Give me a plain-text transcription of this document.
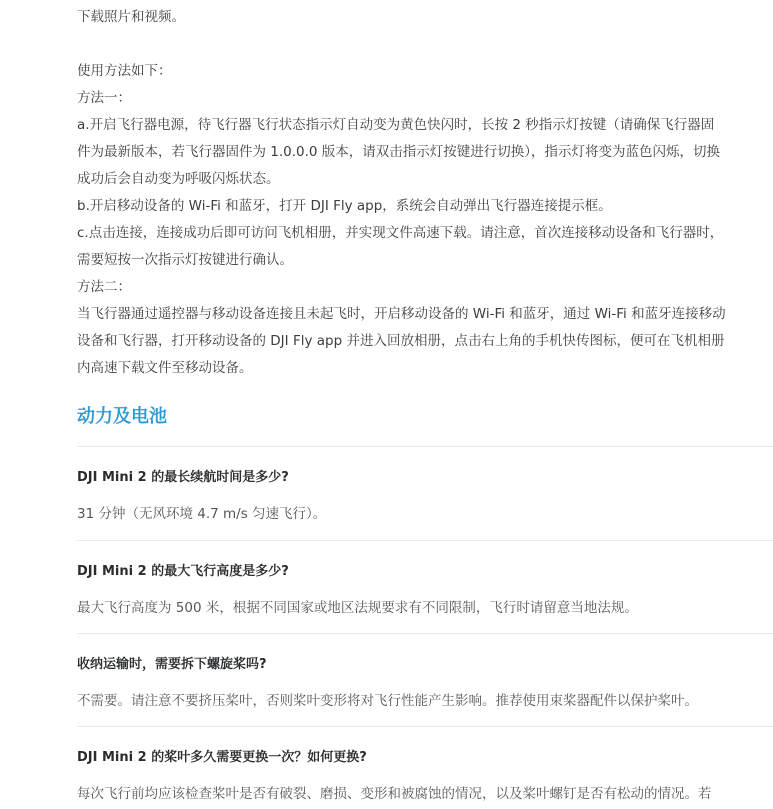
下载照片和视频。

使用方法如下：

方法一：

a.开启飞行器电源，待飞行器飞行状态指示灯自动变为黄色快闪时，长按 2 秒指示灯按键（请确保飞行器固

件为最新版本，若飞行器固件为 1.0.0.0 版本，请双击指示灯按键进行切换），指示灯将变为蓝色闪烁，切换

成功后会自动变为呼吸闪烁状态。

b.开启移动设备的 Wi-Fi 和蓝牙，打开 DJI Fly app，系统会自动弹出飞行器连接提示框。

c.点击连接，连接成功后即可访问飞机相册，并实现文件高速下载。请注意，首次连接移动设备和飞行器时，

需要短按一次指示灯按键进行确认。

方法二：

当飞行器通过遥控器与移动设备连接且未起飞时，开启移动设备的 Wi-Fi 和蓝牙，通过 Wi-Fi 和蓝牙连接移动

设备和飞行器，打开移动设备的 DJI Fly app 并进入回放相册，点击右上角的手机快传图标，便可在飞机相册

内高速下载文件至移动设备。

动力及电池

DJI Mini 2 的最长续航时间是多少?

31 分钟（无风环境 4.7 m/s 匀速飞行）。

DJI Mini 2 的最大飞行高度是多少?

最大飞行高度为 500 米，根据不同国家或地区法规要求有不同限制，飞行时请留意当地法规。

收纳运输时，需要拆下螺旋桨吗?

不需要。请注意不要挤压桨叶，否则桨叶变形将对飞行性能产生影响。推荐使用束桨器配件以保护桨叶。

DJI Mini 2 的桨叶多久需要更换一次？如何更换?

每次飞行前均应该检查桨叶是否有破裂、磨损、变形和被腐蚀的情况，以及桨叶螺钉是否有松动的情况。若
